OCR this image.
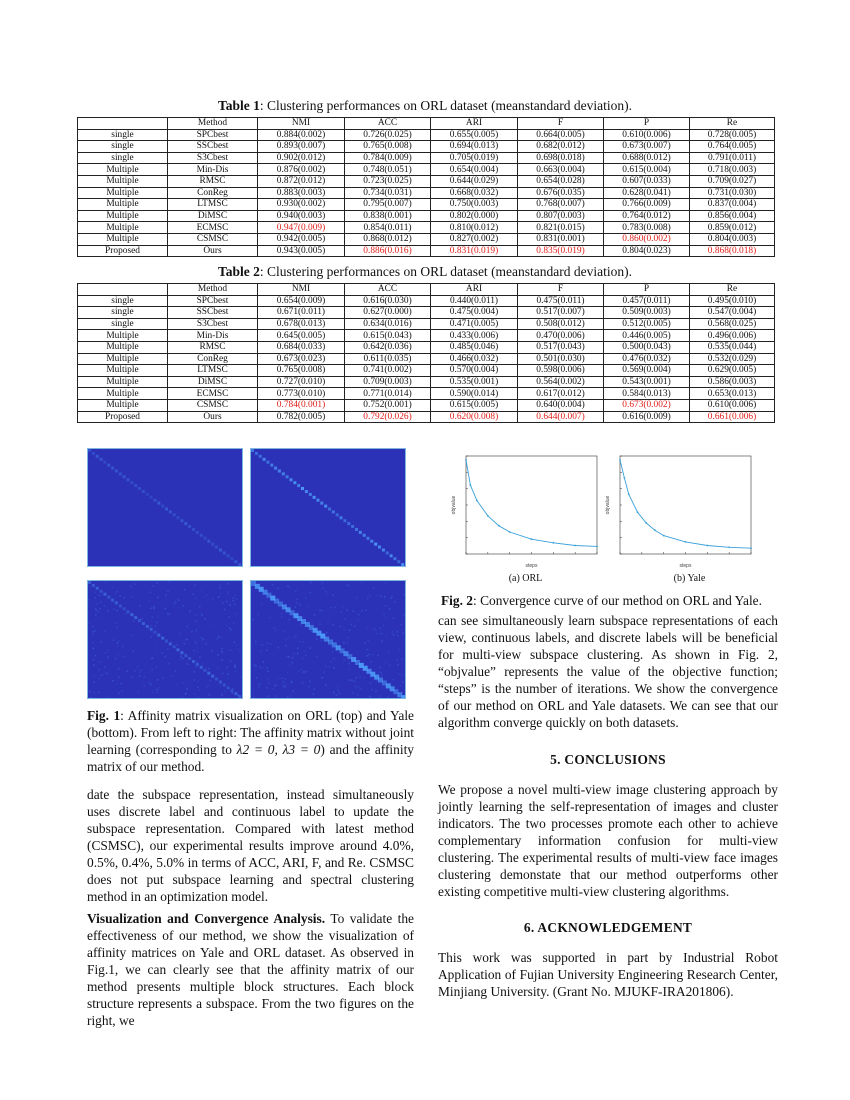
Table 1: Clustering performances on ORL dataset (meanstandard deviation).
	Method	NMI	ACC	ARI	F	P	Re
single	SPCbest	0.884(0.002)	0.726(0.025)	0.655(0.005)	0.664(0.005)	0.610(0.006)	0.728(0.005)
single	SSCbest	0.893(0.007)	0.765(0.008)	0.694(0.013)	0.682(0.012)	0.673(0.007)	0.764(0.005)
single	S3Cbest	0.902(0.012)	0.784(0.009)	0.705(0.019)	0.698(0.018)	0.688(0.012)	0.791(0.011)
Multiple	Min-Dis	0.876(0.002)	0.748(0.051)	0.654(0.004)	0.663(0.004)	0.615(0.004)	0.718(0.003)
Multiple	RMSC	0.872(0.012)	0.723(0.025)	0.644(0.029)	0.654(0.028)	0.607(0.033)	0.709(0.027)
Multiple	ConReg	0.883(0.003)	0.734(0.031)	0.668(0.032)	0.676(0.035)	0.628(0.041)	0.731(0.030)
Multiple	LTMSC	0.930(0.002)	0.795(0.007)	0.750(0.003)	0.768(0.007)	0.766(0.009)	0.837(0.004)
Multiple	DiMSC	0.940(0.003)	0.838(0.001)	0.802(0.000)	0.807(0.003)	0.764(0.012)	0.856(0.004)
Multiple	ECMSC	0.947(0.009)	0.854(0.011)	0.810(0.012)	0.821(0.015)	0.783(0.008)	0.859(0.012)
Multiple	CSMSC	0.942(0.005)	0.868(0.012)	0.827(0.002)	0.831(0.001)	0.860(0.002)	0.804(0.003)
Proposed	Ours	0.943(0.005)	0.886(0.016)	0.831(0.019)	0.835(0.019)	0.804(0.023)	0.868(0.018)
Table 2: Clustering performances on ORL dataset (meanstandard deviation).
	Method	NMI	ACC	ARI	F	P	Re
single	SPCbest	0.654(0.009)	0.616(0.030)	0.440(0.011)	0.475(0.011)	0.457(0.011)	0.495(0.010)
single	SSCbest	0.671(0.011)	0.627(0.000)	0.475(0.004)	0.517(0.007)	0.509(0.003)	0.547(0.004)
single	S3Cbest	0.678(0.013)	0.634(0.016)	0.471(0.005)	0.508(0.012)	0.512(0.005)	0.568(0.025)
Multiple	Min-Dis	0.645(0.005)	0.615(0.043)	0.433(0.006)	0.470(0.006)	0.446(0.005)	0.496(0.006)
Multiple	RMSC	0.684(0.033)	0.642(0.036)	0.485(0.046)	0.517(0.043)	0.500(0.043)	0.535(0.044)
Multiple	ConReg	0.673(0.023)	0.611(0.035)	0.466(0.032)	0.501(0.030)	0.476(0.032)	0.532(0.029)
Multiple	LTMSC	0.765(0.008)	0.741(0.002)	0.570(0.004)	0.598(0.006)	0.569(0.004)	0.629(0.005)
Multiple	DiMSC	0.727(0.010)	0.709(0.003)	0.535(0.001)	0.564(0.002)	0.543(0.001)	0.586(0.003)
Multiple	ECMSC	0.773(0.010)	0.771(0.014)	0.590(0.014)	0.617(0.012)	0.584(0.013)	0.653(0.013)
Multiple	CSMSC	0.784(0.001)	0.752(0.001)	0.615(0.005)	0.640(0.004)	0.673(0.002)	0.610(0.006)
Proposed	Ours	0.782(0.005)	0.792(0.026)	0.620(0.008)	0.644(0.007)	0.616(0.009)	0.661(0.006)

Fig. 1: Affinity matrix visualization on ORL (top) and Yale (bottom). From left to right: The affinity matrix without joint learning (corresponding to λ2 = 0, λ3 = 0) and the affinity matrix of our method.

date the subspace representation, instead simultaneously uses discrete label and continuous label to update the subspace representation. Compared with latest method (CSMSC), our experimental results improve around 4.0%, 0.5%, 0.4%, 5.0% in terms of ACC, ARI, F, and Re. CSMSC does not put subspace learning and spectral clustering method in an optimization model.

Visualization and Convergence Analysis. To validate the effectiveness of our method, we show the visualization of affinity matrices on Yale and ORL dataset. As observed in Fig.1, we can clearly see that the affinity matrix of our method presents multiple block structures. Each block structure represents a subspace. From the two figures on the right, we

steps
objvalue
steps
objvalue
(a) ORL	(b) Yale

Fig. 2: Convergence curve of our method on ORL and Yale.

can see simultaneously learn subspace representations of each view, continuous labels, and discrete labels will be beneficial for multi-view subspace clustering. As shown in Fig. 2, “objvalue” represents the value of the objective function; “steps” is the number of iterations. We show the convergence of our method on ORL and Yale datasets. We can see that our algorithm converge quickly on both datasets.

5. CONCLUSIONS

We propose a novel multi-view image clustering approach by jointly learning the self-representation of images and cluster indicators. The two processes promote each other to achieve complementary information confusion for multi-view clustering. The experimental results of multi-view face images clustering demonstate that our method outperforms other existing competitive multi-view clustering algorithms.

6. ACKNOWLEDGEMENT

This work was supported in part by Industrial Robot Application of Fujian University Engineering Research Center, Minjiang University. (Grant No. MJUKF-IRA201806).
